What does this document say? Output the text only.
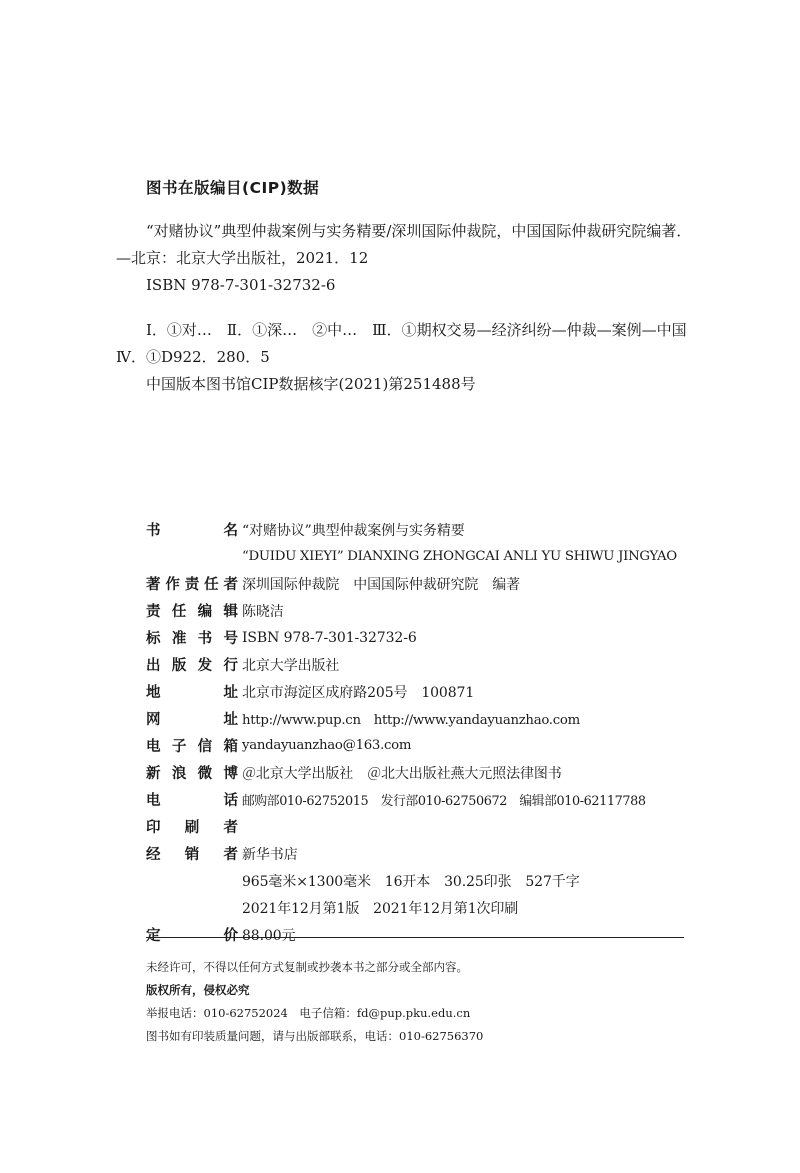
图书在版编目(CIP)数据

“对赌协议”典型仲裁案例与实务精要/深圳国际仲裁院，中国国际仲裁研究院编著．—北京：北京大学出版社，2021．12

ISBN 978-7-301-32732-6

Ⅰ．①对…　Ⅱ．①深…　②中…　Ⅲ．①期权交易—经济纠纷—仲裁—案例—中国　Ⅳ．①D922．280．5

中国版本图书馆CIP数据核字(2021)第251488号

书	名 “对赌协议”典型仲裁案例与实务精要
“DUIDU XIEYI” DIANXING ZHONGCAI ANLI YU SHIWU JINGYAO
著 作 责 任 者 深圳国际仲裁院　中国国际仲裁研究院　编著
责 任 编 辑 陈晓洁
标 准 书 号 ISBN 978-7-301-32732-6
出 版 发 行 北京大学出版社
地	址 北京市海淀区成府路205号　100871
网	址 http://www.pup.cn　http://www.yandayuanzhao.com
电 子 信 箱 yandayuanzhao@163.com
新 浪 微 博 ＠北京大学出版社　＠北大出版社燕大元照法律图书
电	话 邮购部010-62752015　发行部010-62750672　编辑部010-62117788
印 刷 者
经 销 者 新华书店
965毫米×1300毫米　16开本　30.25印张　527千字
2021年12月第1版　2021年12月第1次印刷
定	价 88.00元

未经许可，不得以任何方式复制或抄袭本书之部分或全部内容。

版权所有，侵权必究

举报电话：010-62752024　电子信箱：fd@pup.pku.edu.cn

图书如有印装质量问题，请与出版部联系，电话：010-62756370
